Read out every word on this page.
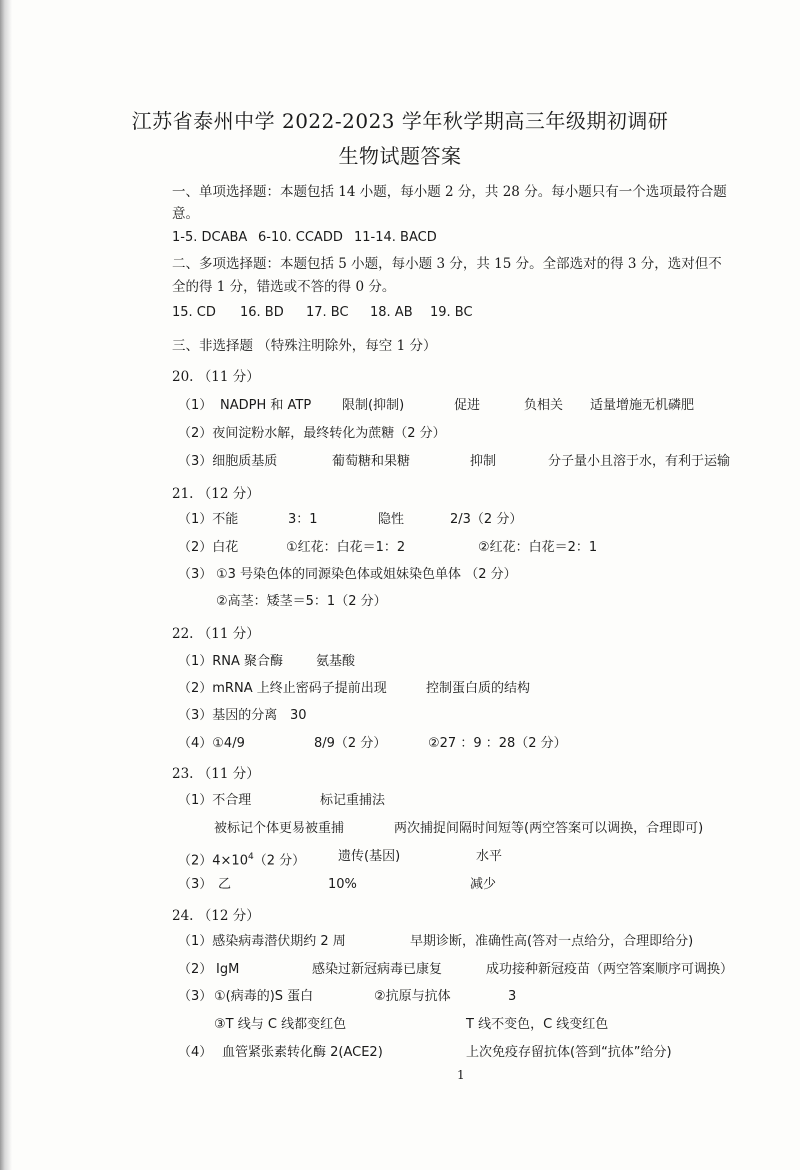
江苏省泰州中学 2022-2023 学年秋学期高三年级期初调研
生物试题答案
一、单项选择题：本题包括 14 小题，每小题 2 分，共 28 分。每小题只有一个选项最符合题
意。
1-5. DCABA 6-10. CCADD 11-14. BACD
二、多项选择题：本题包括 5 小题，每小题 3 分，共 15 分。全部选对的得 3 分，选对但不
全的得 1 分，错选或不答的得 0 分。
15. CD 16. BD 17. BC 18. AB 19. BC
三、非选择题 （特殊注明除外，每空 1 分）
20. （11 分）
（1） NADPH 和 ATP 限制(抑制)	促进	负相关 适量增施无机磷肥
（2）夜间淀粉水解，最终转化为蔗糖（2 分）
（3）细胞质基质	葡萄糖和果糖	抑制	分子量小且溶于水，有利于运输
21. （12 分）
（1）不能	3：1	隐性	2/3（2 分）
（2）白花	①红花：白花＝1：2	②红花：白花＝2：1
（3） ①3 号染色体的同源染色体或姐妹染色单体 （2 分）
②高茎：矮茎＝5：1（2 分）
22. （11 分）
（1）RNA 聚合酶	氨基酸
（2）mRNA 上终止密码子提前出现	控制蛋白质的结构
（3）基因的分离 30
（4）①4/9	8/9（2 分）	②27 ：9 ：28（2 分）
23. （11 分）
（1）不合理	标记重捕法
被标记个体更易被重捕	两次捕捉间隔时间短等(两空答案可以调换，合理即可)
$(2)4\times 10^4(2$ 分）	遗传(基因)	水平
（3） 乙	10%	减少
24. （12 分）
（1）感染病毒潜伏期约 2 周	早期诊断，准确性高(答对一点给分，合理即给分)
（2） IgM	感染过新冠病毒已康复	成功接种新冠疫苗（两空答案顺序可调换）
（3） ①(病毒的)S 蛋白	②抗原与抗体	3
③T 线与 C 线都变红色	T 线不变色，C 线变红色
（4） 血管紧张素转化酶 2(ACE2)	上次免疫存留抗体(答到“抗体”给分)
1
